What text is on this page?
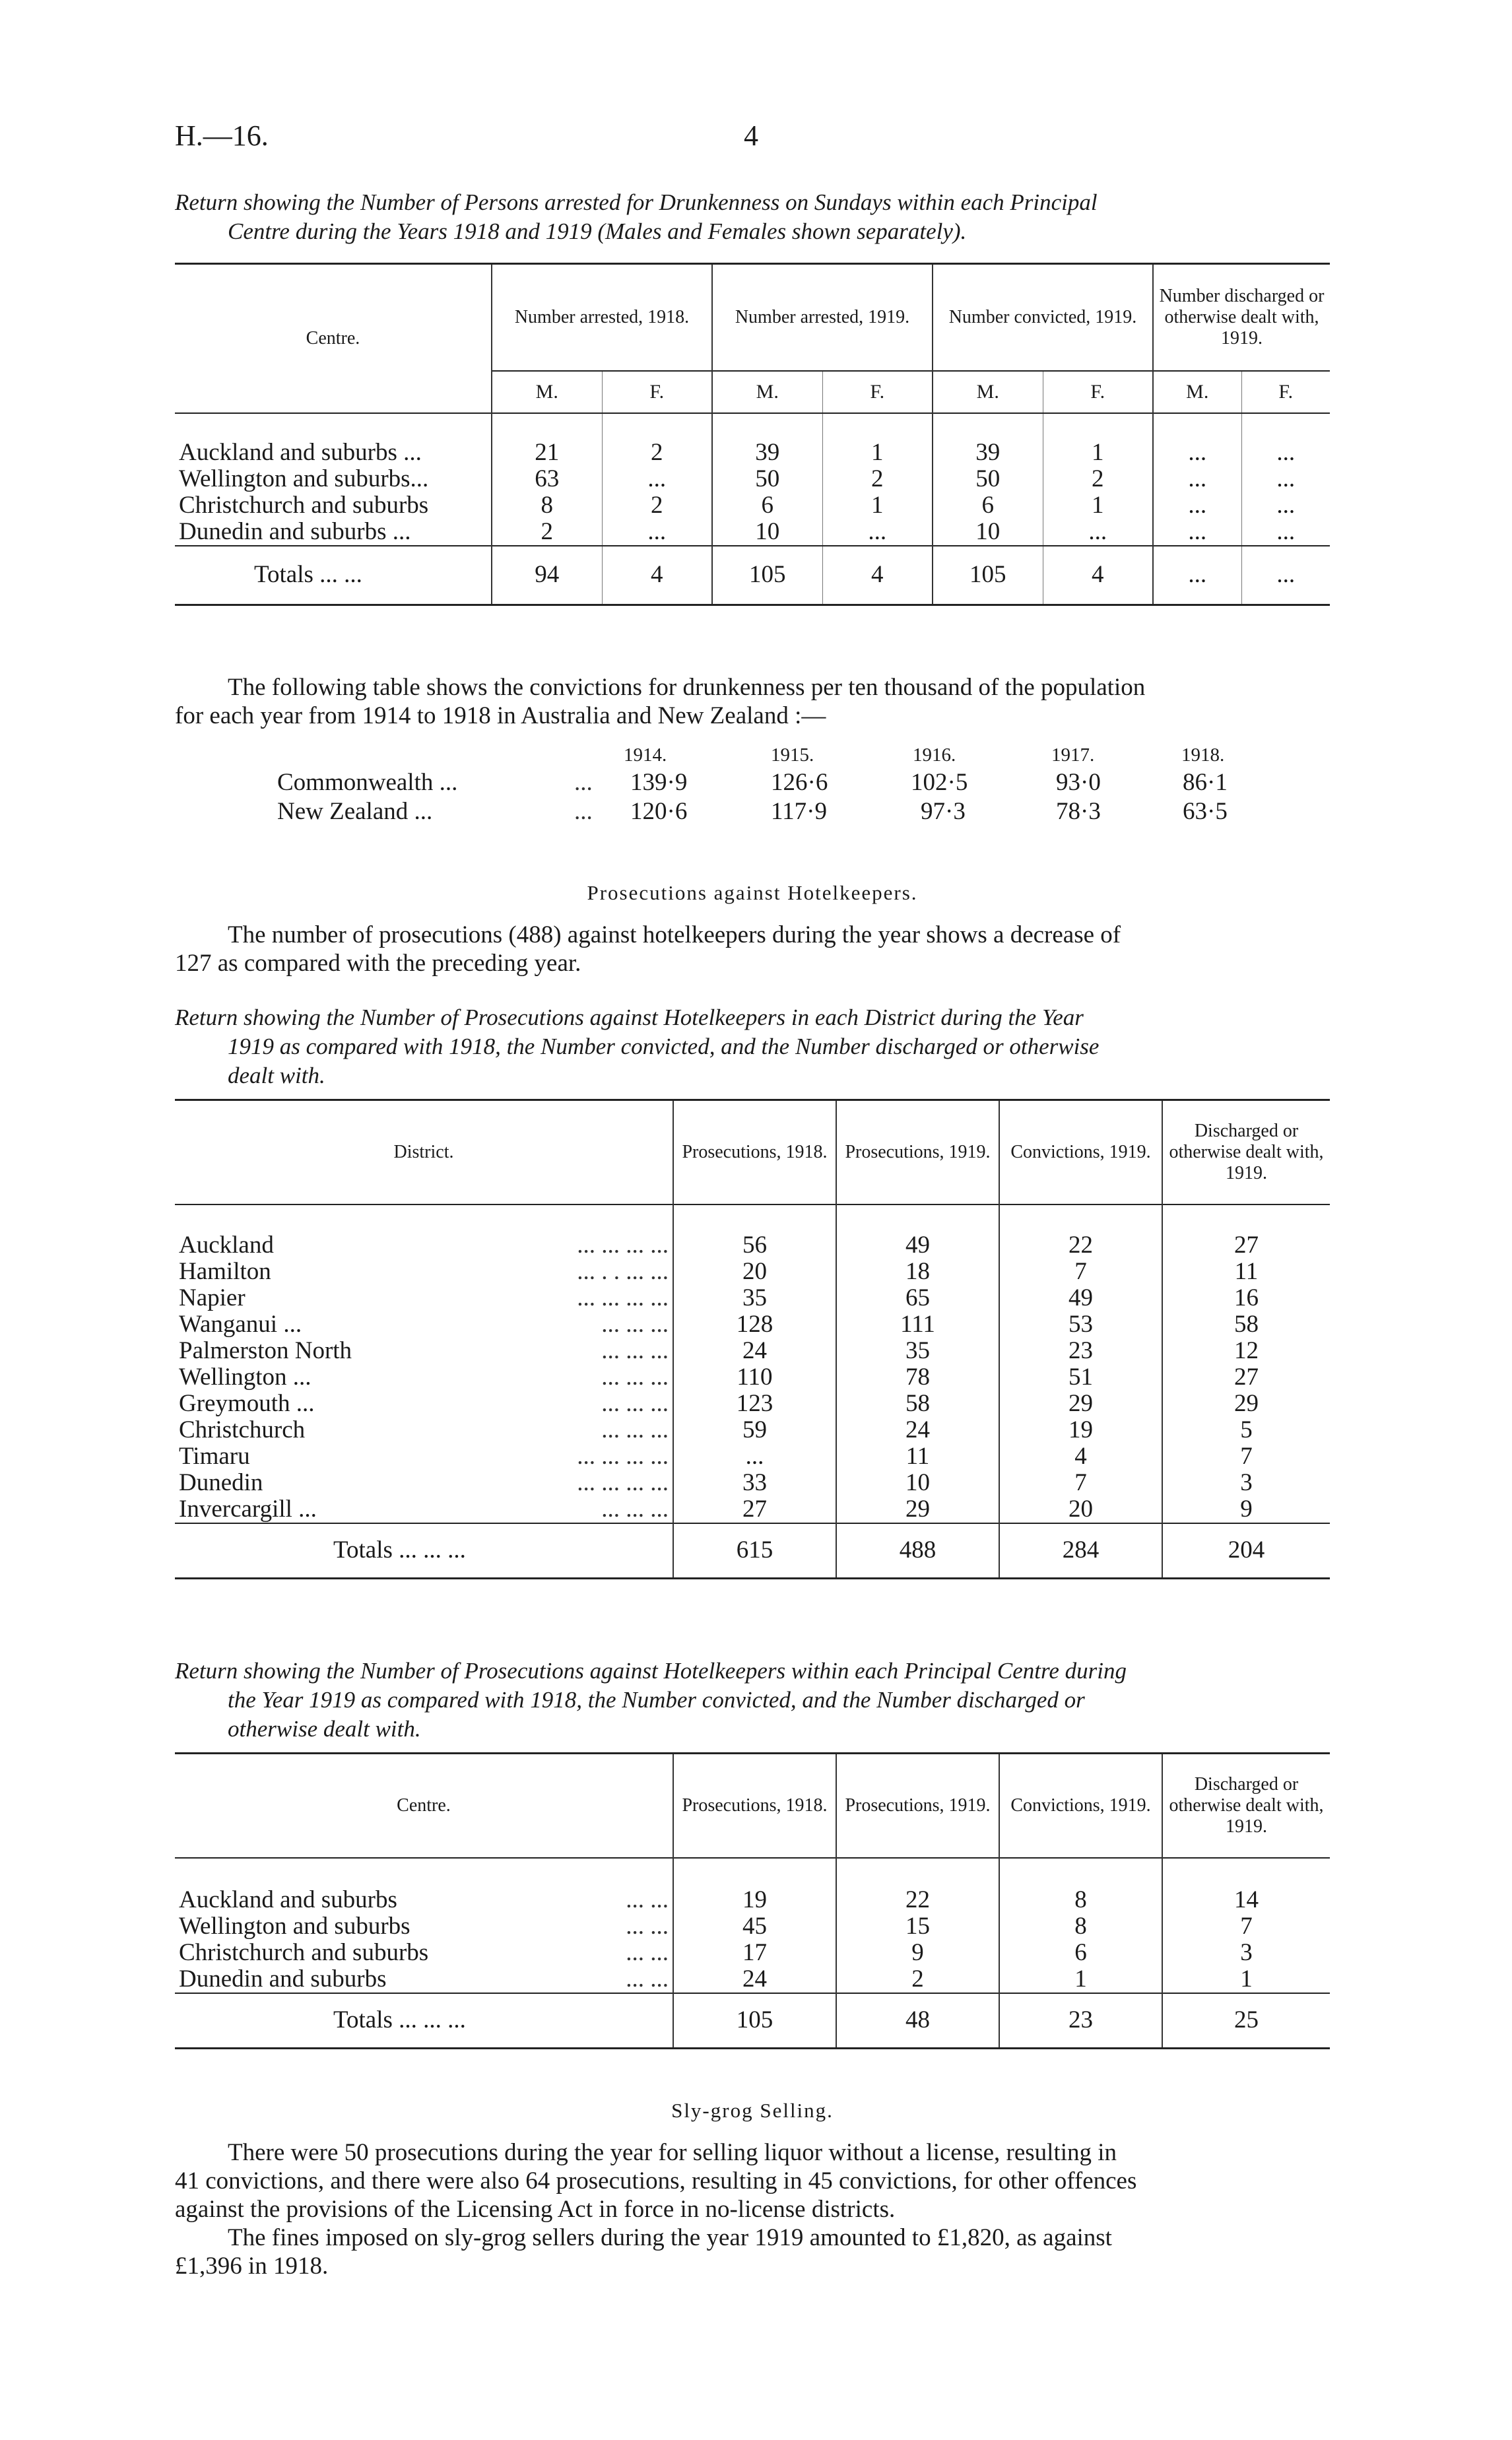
H.—16.	4
Return showing the Number of Persons arrested for Drunkenness on Sundays within each Principal
Centre during the Years 1918 and 1919 (Males and Females shown separately).
Centre.	Number arrested, 1918.		Number arrested, 1919.		Number convicted, 1919.		Number discharged or otherwise dealt with, 1919.	
	M.	F.	M.	F.	M.	F.	M.	F.

Auckland and suburbs ...	21	2	39	1	39	1	...	...
Wellington and suburbs...	63	...	50	2	50	2	...	...
Christchurch and suburbs	8	2	6	1	6	1	...	...
Dunedin and suburbs ...	2	...	10	...	10	...	...	...
Totals ... ...	94	4	105	4	105	4	...	...
The following table shows the convictions for drunkenness per ten thousand of the population
for each year from 1914 to 1918 in Australia and New Zealand :—
1914.	1915.	1916.	1917.	1918.
Commonwealth ...	... 139·9	126·6	102·5	93·0	86·1
New Zealand ...	... 120·6	117·9	97·3	78·3	63·5
Prosecutions against Hotelkeepers.
The number of prosecutions (488) against hotelkeepers during the year shows a decrease of
127 as compared with the preceding year.
Return showing the Number of Prosecutions against Hotelkeepers in each District during the Year
1919 as compared with 1918, the Number convicted, and the Number discharged or otherwise
dealt with.
District.	Prosecutions, 1918.	Prosecutions, 1919.	Convictions, 1919.	Discharged or otherwise dealt with, 1919.

Auckland ... ... ... ...	56	49	22	27
Hamilton ... . . ... ...	20	18	7	11
Napier ... ... ... ...	35	65	49	16
Wanganui ... ... ... ...	128	111	53	58
Palmerston North ... ... ...	24	35	23	12
Wellington ... ... ... ...	110	78	51	27
Greymouth ... ... ... ...	123	58	29	29
Christchurch ... ... ...	59	24	19	5
Timaru ... ... ... ...	...	11	4	7
Dunedin ... ... ... ...	33	10	7	3
Invercargill ... ... ... ...	27	29	20	9
Totals ... ... ...	615	488	284	204
Return showing the Number of Prosecutions against Hotelkeepers within each Principal Centre during
the Year 1919 as compared with 1918, the Number convicted, and the Number discharged or
otherwise dealt with.
Centre.	Prosecutions, 1918.	Prosecutions, 1919.	Convictions, 1919.	Discharged or otherwise dealt with, 1919.

Auckland and suburbs ... ...	19	22	8	14
Wellington and suburbs ... ...	45	15	8	7
Christchurch and suburbs ... ...	17	9	6	3
Dunedin and suburbs ... ...	24	2	1	1
Totals ... ... ...	105	48	23	25
Sly-grog Selling.
There were 50 prosecutions during the year for selling liquor without a license, resulting in
41 convictions, and there were also 64 prosecutions, resulting in 45 convictions, for other offences
against the provisions of the Licensing Act in force in no-license districts.
The fines imposed on sly-grog sellers during the year 1919 amounted to £1,820, as against
£1,396 in 1918.
